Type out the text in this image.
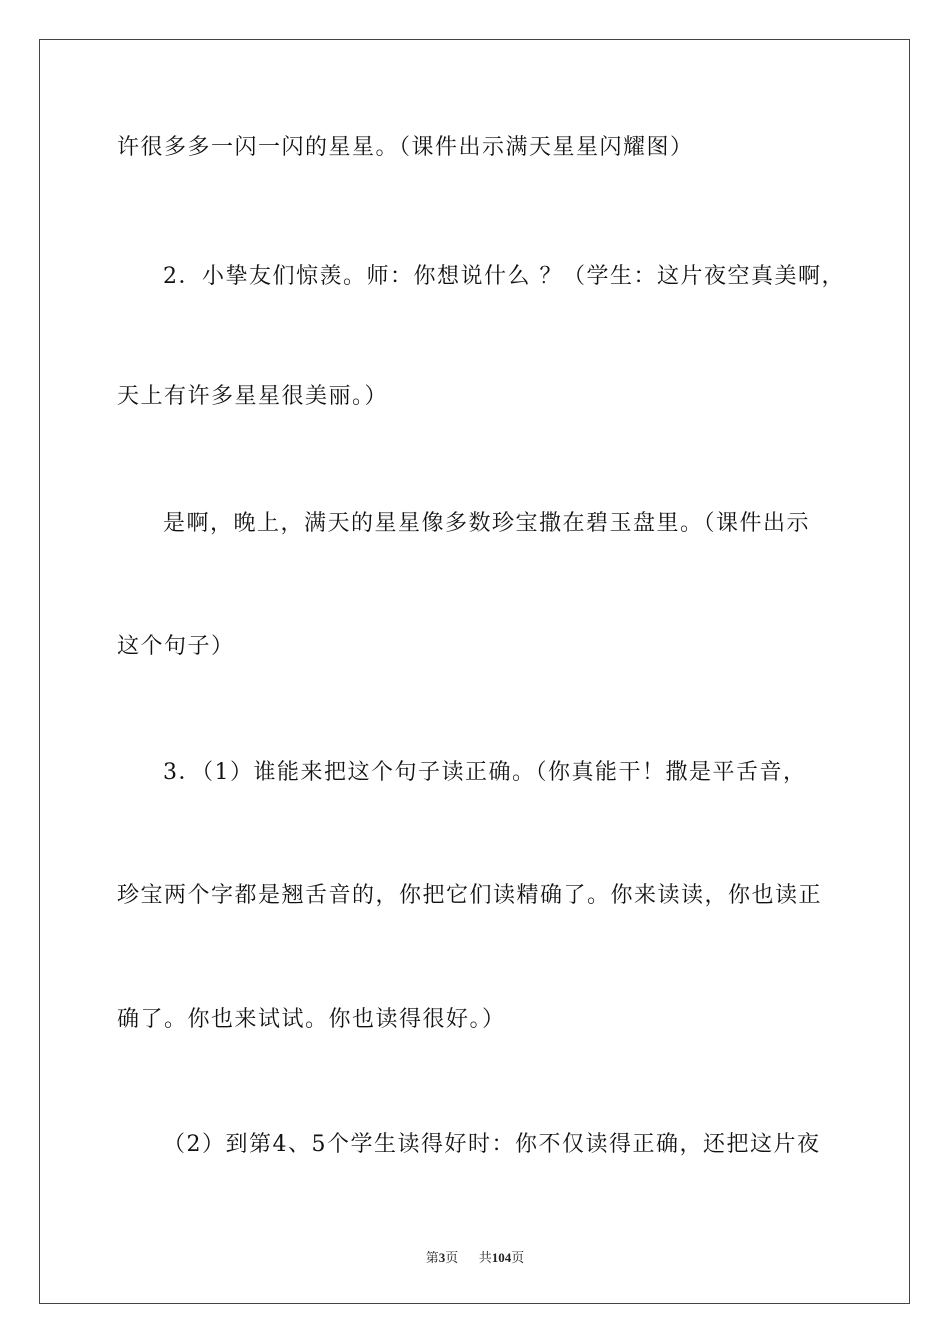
许很多多一闪一闪的星星。（课件出示满天星星闪耀图）
2．小挚友们惊羡。师：你想说什么 ？（学生：这片夜空真美啊，
天上有许多星星很美丽。）
是啊，晚上，满天的星星像多数珍宝撒在碧玉盘里。（课件出示
这个句子）
3．（1）谁能来把这个句子读正确。（你真能干！撒是平舌音，
珍宝两个字都是翘舌音的，你把它们读精确了。你来读读，你也读正
确了。你也来试试。你也读得很好。）
（2）到第4、5个学生读得好时：你不仅读得正确，还把这片夜
第3页 共104页
